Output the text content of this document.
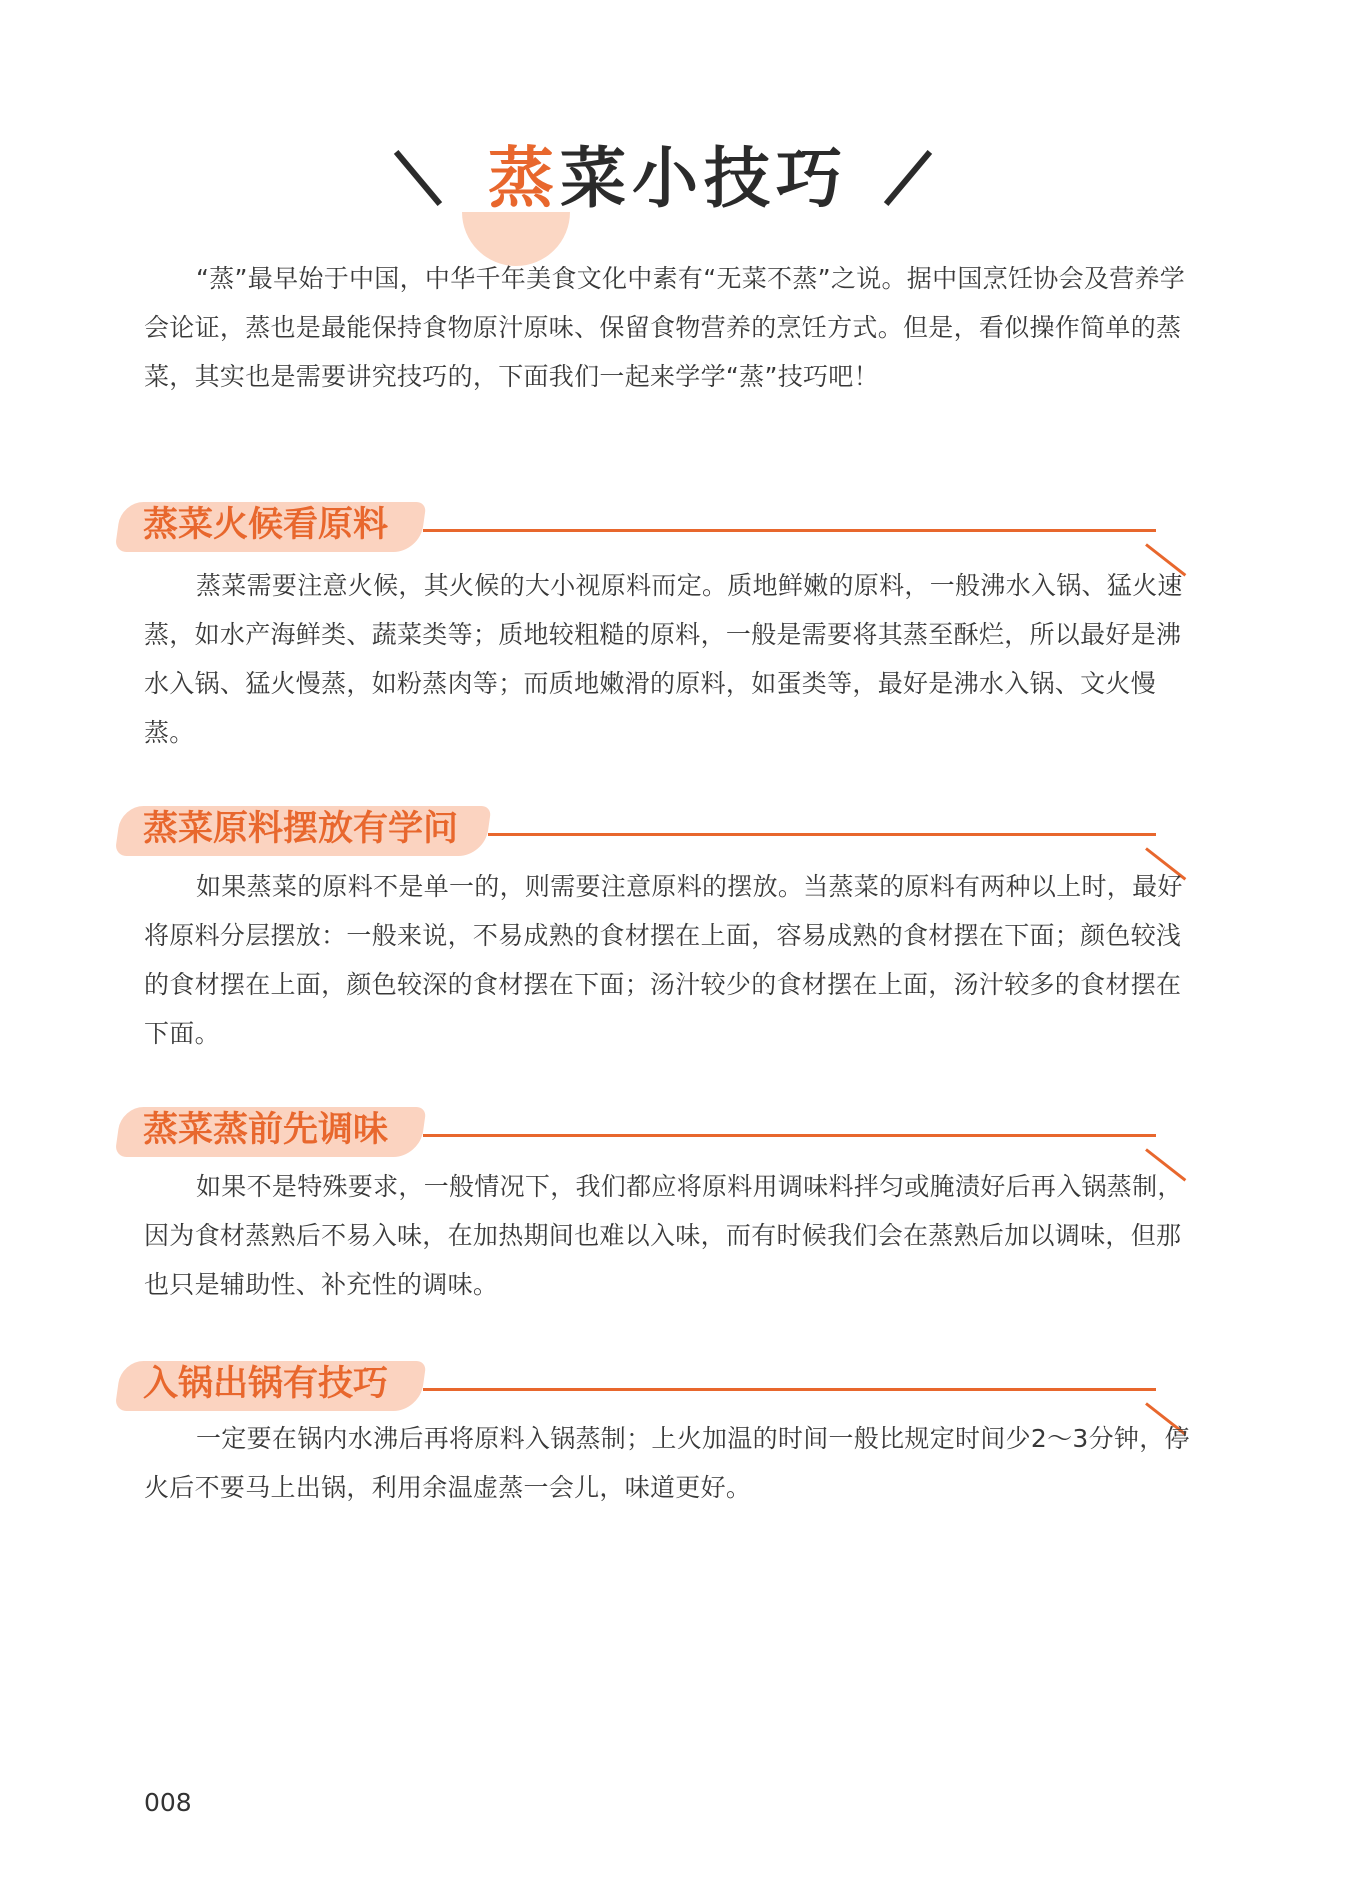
蒸菜小技巧

“蒸”最早始于中国，中华千年美食文化中素有“无菜不蒸”之说。据中国烹饪协会及营养学会论证，蒸也是最能保持食物原汁原味、保留食物营养的烹饪方式。但是，看似操作简单的蒸菜，其实也是需要讲究技巧的，下面我们一起来学学“蒸”技巧吧！

蒸菜火候看原料

蒸菜需要注意火候，其火候的大小视原料而定。质地鲜嫩的原料，一般沸水入锅、猛火速蒸，如水产海鲜类、蔬菜类等；质地较粗糙的原料，一般是需要将其蒸至酥烂，所以最好是沸水入锅、猛火慢蒸，如粉蒸肉等；而质地嫩滑的原料，如蛋类等，最好是沸水入锅、文火慢蒸。

蒸菜原料摆放有学问

如果蒸菜的原料不是单一的，则需要注意原料的摆放。当蒸菜的原料有两种以上时，最好将原料分层摆放：一般来说，不易成熟的食材摆在上面，容易成熟的食材摆在下面；颜色较浅的食材摆在上面，颜色较深的食材摆在下面；汤汁较少的食材摆在上面，汤汁较多的食材摆在下面。

蒸菜蒸前先调味

如果不是特殊要求，一般情况下，我们都应将原料用调味料拌匀或腌渍好后再入锅蒸制，因为食材蒸熟后不易入味，在加热期间也难以入味，而有时候我们会在蒸熟后加以调味，但那也只是辅助性、补充性的调味。

入锅出锅有技巧

一定要在锅内水沸后再将原料入锅蒸制；上火加温的时间一般比规定时间少2～3分钟，停火后不要马上出锅，利用余温虚蒸一会儿，味道更好。

008
